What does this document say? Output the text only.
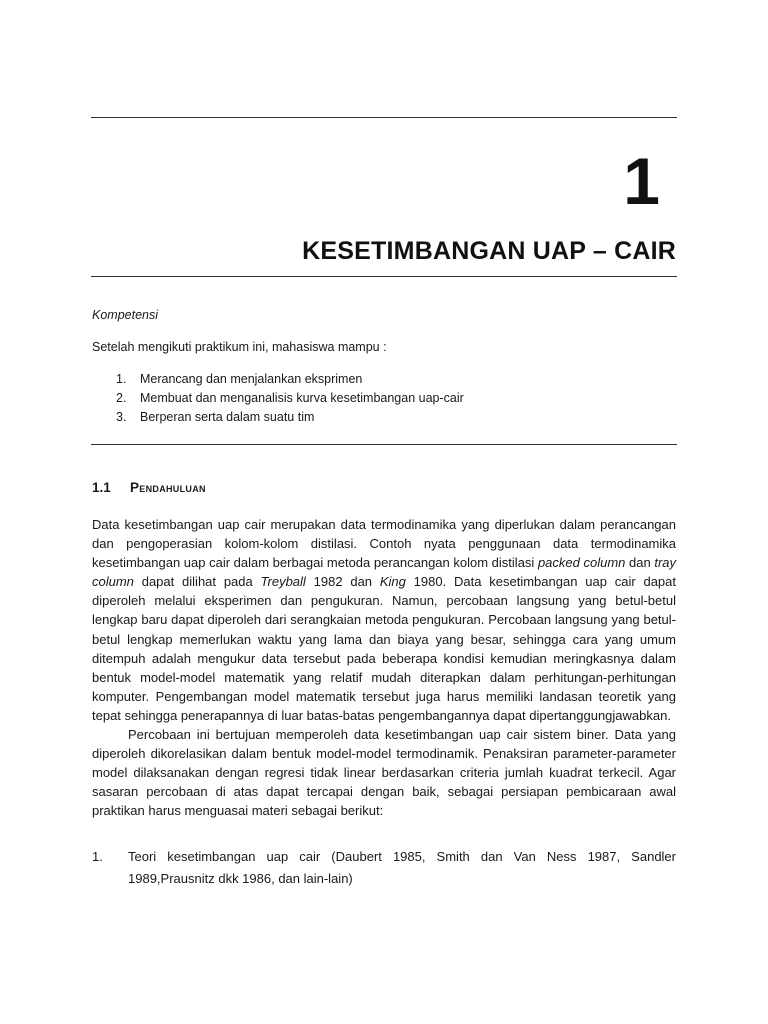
1
KESETIMBANGAN UAP – CAIR
Kompetensi
Setelah mengikuti praktikum ini, mahasiswa mampu :
1. Merancang dan menjalankan eksprimen
2. Membuat dan menganalisis kurva kesetimbangan uap-cair
3. Berperan serta dalam suatu tim
1.1 Pendahuluan

Data kesetimbangan uap cair merupakan data termodinamika yang diperlukan dalam perancangan dan pengoperasian kolom-kolom distilasi. Contoh nyata penggunaan data termodinamika kesetimbangan uap cair dalam berbagai metoda perancangan kolom distilasi packed column dan tray column dapat dilihat pada Treyball 1982 dan King 1980. Data kesetimbangan uap cair dapat diperoleh melalui eksperimen dan pengukuran. Namun, percobaan langsung yang betul-betul lengkap baru dapat diperoleh dari serangkaian metoda pengukuran. Percobaan langsung yang betul-betul lengkap memerlukan waktu yang lama dan biaya yang besar, sehingga cara yang umum ditempuh adalah mengukur data tersebut pada beberapa kondisi kemudian meringkasnya dalam bentuk model-model matematik yang relatif mudah diterapkan dalam perhitungan-perhitungan komputer. Pengembangan model matematik tersebut juga harus memiliki landasan teoretik yang tepat sehingga penerapannya di luar batas-batas pengembangannya dapat dipertanggungjawabkan.

Percobaan ini bertujuan memperoleh data kesetimbangan uap cair sistem biner. Data yang diperoleh dikorelasikan dalam bentuk model-model termodinamik. Penaksiran parameter-parameter model dilaksanakan dengan regresi tidak linear berdasarkan criteria jumlah kuadrat terkecil. Agar sasaran percobaan di atas dapat tercapai dengan baik, sebagai persiapan pembicaraan awal praktikan harus menguasai materi sebagai berikut:

1.	Teori kesetimbangan uap cair (Daubert 1985, Smith dan Van Ness 1987, Sandler 1989,Prausnitz dkk 1986, dan lain-lain)
